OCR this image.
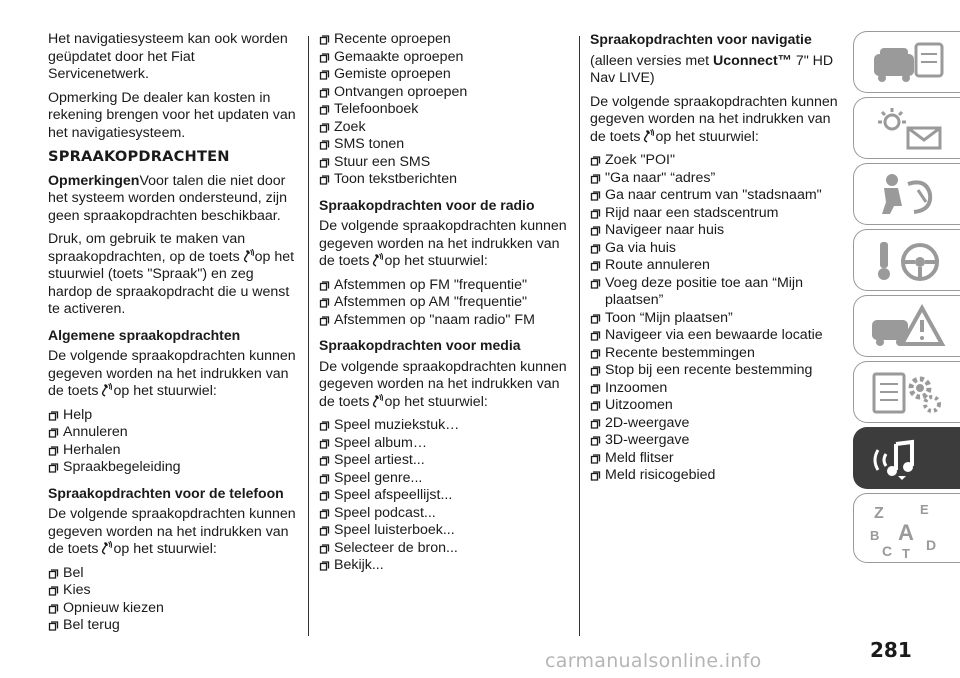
Het navigatiesysteem kan ook worden geüpdatet door het Fiat Servicenetwerk.

Opmerking De dealer kan kosten in rekening brengen voor het updaten van het navigatiesysteem.

SPRAAKOPDRACHTEN

OpmerkingenVoor talen die niet door het systeem worden ondersteund, zijn geen spraakopdrachten beschikbaar.

Druk, om gebruik te maken van spraakopdrachten, op de toets op het stuurwiel (toets "Spraak") en zeg hardop de spraakopdracht die u wenst te activeren.

Algemene spraakopdrachten

De volgende spraakopdrachten kunnen gegeven worden na het indrukken van de toets op het stuurwiel:

Help
Annuleren
Herhalen
Spraakbegeleiding
Spraakopdrachten voor de telefoon

De volgende spraakopdrachten kunnen gegeven worden na het indrukken van de toets op het stuurwiel:

Bel
Kies
Opnieuw kiezen
Bel terug
Recente oproepen
Gemaakte oproepen
Gemiste oproepen
Ontvangen oproepen
Telefoonboek
Zoek
SMS tonen
Stuur een SMS
Toon tekstberichten
Spraakopdrachten voor de radio

De volgende spraakopdrachten kunnen gegeven worden na het indrukken van de toets op het stuurwiel:

Afstemmen op FM "frequentie"
Afstemmen op AM "frequentie"
Afstemmen op "naam radio" FM
Spraakopdrachten voor media

De volgende spraakopdrachten kunnen gegeven worden na het indrukken van de toets op het stuurwiel:

Speel muziekstuk…
Speel album…
Speel artiest...
Speel genre...
Speel afspeellijst...
Speel podcast...
Speel luisterboek...
Selecteer de bron...
Bekijk...
Spraakopdrachten voor navigatie

(alleen versies met Uconnect™ 7" HD Nav LIVE)

De volgende spraakopdrachten kunnen gegeven worden na het indrukken van de toets op het stuurwiel:

Zoek "POI"
"Ga naar" “adres”
Ga naar centrum van "stadsnaam"
Rijd naar een stadscentrum
Navigeer naar huis
Ga via huis
Route annuleren
Voeg deze positie toe aan “Mijn plaatsen”
Toon “Mijn plaatsen”
Navigeer via een bewaarde locatie
Recente bestemmingen
Stop bij een recente bestemming
Inzoomen
Uitzoomen
2D-weergave
3D-weergave
Meld flitser
Meld risicogebied
Z	E
B A
C T
D
carmanualsonline.info	281
